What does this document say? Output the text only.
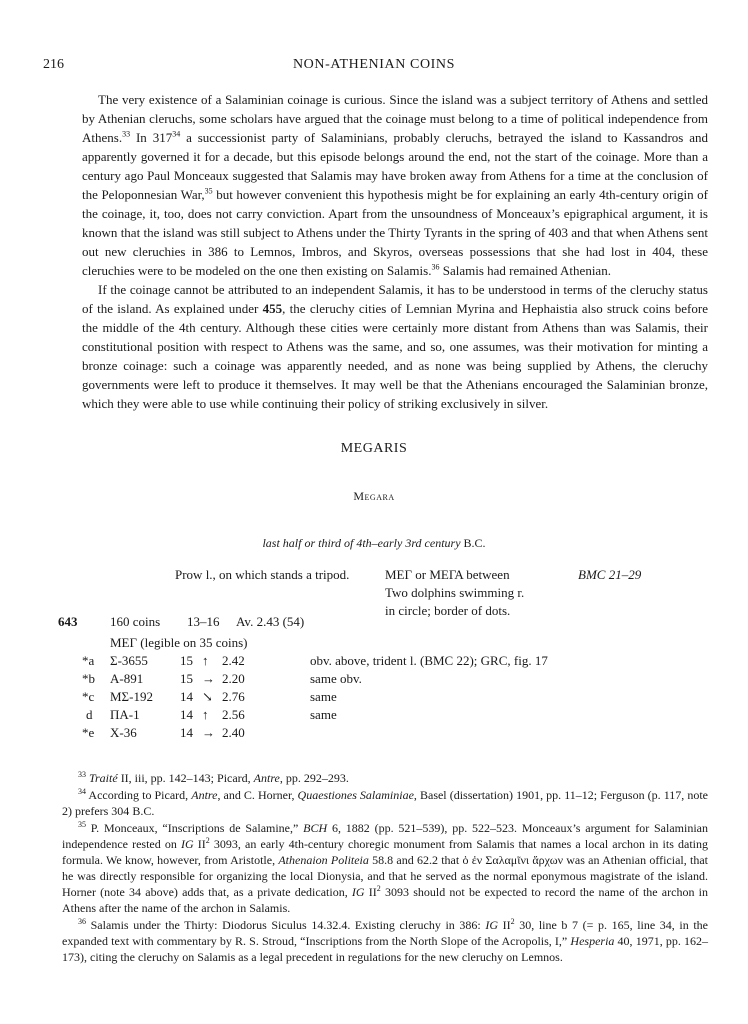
216	NON-ATHENIAN COINS

The very existence of a Salaminian coinage is curious. Since the island was a subject territory of Athens and settled by Athenian cleruchs, some scholars have argued that the coinage must belong to a time of political independence from Athens.$^{33}$ In $317^{34}$ a successionist party of Salaminians, probably cleruchs, betrayed the island to Kassandros and apparently governed it for a decade, but this episode belongs around the end, not the start of the coinage. More than a century ago Paul Monceaux suggested that Salamis may have broken away from Athens for a time at the conclusion of the Peloponnesian War,$^{35}$ but however convenient this hypothesis might be for explaining an early 4th-century origin of the coinage, it, too, does not carry conviction. Apart from the unsoundness of Monceaux’s epigraphical argument, it is known that the island was still subject to Athens under the Thirty Tyrants in the spring of 403 and that when Athens sent out new cleruchies in 386 to Lemnos, Imbros, and Skyros, overseas possessions that she had lost in 404, these cleruchies were to be modeled on the one then existing on Salamis.$^{36}$ Salamis had remained Athenian.

If the coinage cannot be attributed to an independent Salamis, it has to be understood in terms of the cleruchy status of the island. As explained under 455, the cleruchy cities of Lemnian Myrina and Hephaistia also struck coins before the middle of the 4th century. Although these cities were certainly more distant from Athens than was Salamis, their constitutional position with respect to Athens was the same, and so, one assumes, was their motivation for minting a bronze coinage: such a coinage was apparently needed, and as none was being supplied by Athens, the cleruchy governments were left to produce it themselves. It may well be that the Athenians encouraged the Salaminian bronze, which they were able to use while continuing their policy of striking exclusively in silver.

MEGARIS
Megara
last half or third of 4th–early 3rd century B.C.
Prow l., on which stands a tripod.	ΜΕΓ or ΜΕΓΑ between
Two dolphins swimming r.
in circle; border of dots.
BMC 21–29
643	160 coins 13–16 Av. 2.43 (54)
ΜΕΓ (legible on 35 coins)
*a Σ-3655 15 ↑ 2.42	obv. above, trident l. (BMC 22); GRC, fig. 17
*b A-891	15 → 2.20	same obv.
*c ΜΣ-192 14 ↘ 2.76	same
d ΠΑ-1	14 ↑ 2.56	same
*e X-36	14 → 2.40

$^{33}$ Traité II, iii, pp. 142–143; Picard, Antre, pp. 292–293.

$^{34}$ According to Picard, Antre, and C. Horner, Quaestiones Salaminiae, Basel (dissertation) 1901, pp. 11–12; Ferguson (p. 117, note 2) prefers 304 B.C.

$^{35}$ P. Monceaux, “Inscriptions de Salamine,” BCH 6, 1882 (pp. 521–539), pp. 522–523. Monceaux’s argument for Salaminian independence rested on IG $II^2$ 3093, an early 4th-century choregic monument from Salamis that names a local archon in its dating formula. We know, however, from Aristotle, Athenaion Politeia 58.8 and 62.2 that ὁ ἐν Σαλαμῖνι ἄρχων was an Athenian official, that he was directly responsible for organizing the local Dionysia, and that he served as the normal eponymous magistrate of the island. Horner (note 34 above) adds that, as a private dedication, IG $II^2$ 3093 should not be expected to record the name of the archon in Athens after the name of the archon in Salamis.

$^{36}$ Salamis under the Thirty: Diodorus Siculus 14.32.4. Existing cleruchy in 386: IG $II^2$ 30, line b 7 (= p. 165, line 34, in the expanded text with commentary by R. S. Stroud, “Inscriptions from the North Slope of the Acropolis, I,” Hesperia 40, 1971, pp. 162–173), citing the cleruchy on Salamis as a legal precedent in regulations for the new cleruchy on Lemnos.
